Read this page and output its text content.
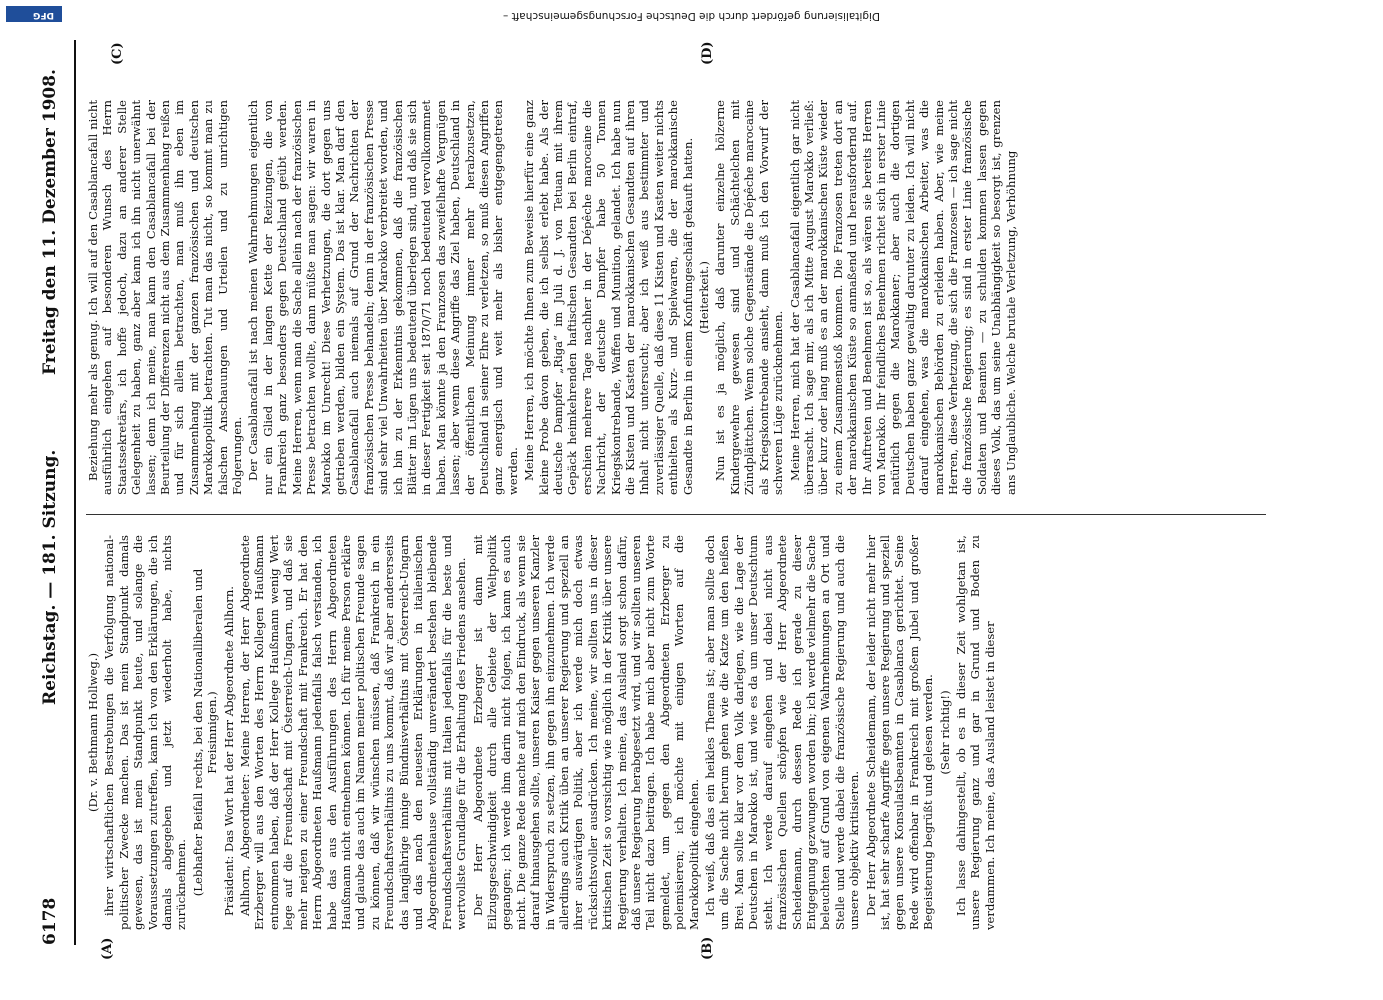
DFG	Digitalisierung gefördert durch die Deutsche Forschungsgemeinschaft –
6178
Reichstag. — 181. Sitzung.
Freitag den 11. Dezember 1908.
(A)	(B)
(C)	(D)

(Dr. v. Bethmann Hollweg.) ihrer wirtschaftlichen Bestrebungen die Verfolgung national-politischer Zwecke machen. Das ist mein Standpunkt damals gewesen, das ist mein Standpunkt heute, und solange die Voraussetzungen zutreffen, kann ich von den Erklärungen, die ich damals abgegeben und jetzt wiederholt habe, nichts zurücknehmen. (Lebhafter Beifall rechts, bei den Nationalliberalen und Freisinnigen.) Präsident: Das Wort hat der Herr Abgeordnete Ahlhorn. Ahlhorn, Abgeordneter: Meine Herren, der Herr Abgeordnete Erzberger will aus den Worten des Herrn Kollegen Haußmann entnommen haben, daß der Herr Kollege Haußmann wenig Wert lege auf die Freundschaft mit Österreich-Ungarn, und daß sie mehr neigten zu einer Freundschaft mit Frankreich. Er hat den Herrn Abgeordneten Haußmann jedenfalls falsch verstanden, ich habe das aus den Ausführungen des Herrn Abgeordneten Haußmann nicht entnehmen können. Ich für meine Person erkläre und glaube das auch im Namen meiner politischen Freunde sagen zu können, daß wir wünschen müssen, daß Frankreich in ein Freundschaftsverhältnis zu uns kommt, daß wir aber andererseits das langjährige innige Bündnisverhältnis mit Österreich-Ungarn und das nach den neuesten Erklärungen in italienischen Abgeordnetenhause vollständig unverändert bestehen bleibende Freundschaftsverhältnis mit Italien jedenfalls für die beste und wertvollste Grundlage für die Erhaltung des Friedens ansehen. Der Herr Abgeordnete Erzberger ist dann mit Eilzugsgeschwindigkeit durch alle Gebiete der Weltpolitik gegangen; ich werde ihm darin nicht folgen, ich kann es auch nicht. Die ganze Rede machte auf mich den Eindruck, als wenn sie darauf hinausgehen sollte, unseren Kaiser gegen unseren Kanzler in Widerspruch zu setzen, ihn gegen ihn einzunehmen. Ich werde allerdings auch Kritik üben an unserer Regierung und speziell an ihrer auswärtigen Politik, aber ich werde mich doch etwas rücksichtsvoller ausdrücken. Ich meine, wir sollten uns in dieser kritischen Zeit so vorsichtig wie möglich in der Kritik über unsere Regierung verhalten. Ich meine, das Ausland sorgt schon dafür, daß unsere Regierung herabgesetzt wird, und wir sollten unseren Teil nicht dazu beitragen. Ich habe mich aber nicht zum Worte gemeldet, um gegen den Abgeordneten Erzberger zu polemisieren; ich möchte mit einigen Worten auf die Marokkopolitik eingehen. Ich weiß, daß das ein heikles Thema ist; aber man sollte doch um die Sache nicht herum gehen wie die Katze um den heißen Brei. Man sollte klar vor dem Volk darlegen, wie die Lage der Deutschen in Marokko ist, und wie es da um unser Deutschtum steht. Ich werde darauf eingehen und dabei nicht aus französischen Quellen schöpfen wie der Herr Abgeordnete Scheidemann, durch dessen Rede ich gerade zu dieser Entgegnung gezwungen worden bin; ich werde vielmehr die Sache beleuchten auf Grund von eigenen Wahrnehmungen an Ort und Stelle und werde dabei die französische Regierung und auch die unsere objektiv kritisieren. Der Herr Abgeordnete Scheidemann, der leider nicht mehr hier ist, hat sehr scharfe Angriffe gegen unsere Regierung und speziell gegen unsere Konsulatsbeamten in Casablanca gerichtet. Seine Rede wird offenbar in Frankreich mit großem Jubel und großer Begeisterung begrüßt und gelesen werden. (Sehr richtig!) Ich lasse dahingestellt, ob es in dieser Zeit wohlgetan ist, unsere Regierung ganz und gar in Grund und Boden zu verdammen. Ich meine, das Ausland leistet in dieser

Beziehung mehr als genug. Ich will auf den Casablancafall nicht ausführlich eingehen auf besonderen Wunsch des Herrn Staatssekretärs, ich hoffe jedoch, dazu an anderer Stelle Gelegenheit zu haben, ganz aber kann ich ihn nicht unerwähnt lassen; denn ich meine, man kann den Casablancafall bei der Beurteilung der Differenzen nicht aus dem Zusammenhang reißen und für sich allein betrachten, man muß ihn eben im Zusammenhang mit der ganzen französischen und deutschen Marokkopolitik betrachten. Tut man das nicht, so kommt man zu falschen Anschauungen und Urteilen und zu unrichtigen Folgerungen. Der Casablancafall ist nach meinen Wahrnehmungen eigentlich nur ein Glied in der langen Kette der Reizungen, die von Frankreich ganz besonders gegen Deutschland geübt werden. Meine Herren, wenn man die Sache allein nach der französischen Presse betrachten wollte, dann müßte man sagen: wir waren in Marokko im Unrecht! Diese Verhetzungen, die dort gegen uns getrieben werden, bilden ein System. Das ist klar. Man darf den Casablancafall auch niemals auf Grund der Nachrichten der französischen Presse behandeln; denn in der französischen Presse sind sehr viel Unwahrheiten über Marokko verbreitet worden, und ich bin zu der Erkenntnis gekommen, daß die französischen Blätter im Lügen uns bedeutend überlegen sind, und daß sie sich in dieser Fertigkeit seit 1870/71 noch bedeutend vervollkommnet haben. Man könnte ja den Franzosen das zweifelhafte Vergnügen lassen; aber wenn diese Angriffe das Ziel haben, Deutschland in der öffentlichen Meinung immer mehr herabzusetzen, Deutschland in seiner Ehre zu verletzen, so muß diesen Angriffen ganz energisch und weit mehr als bisher entgegengetreten werden. Meine Herren, ich möchte Ihnen zum Beweise hierfür eine ganz kleine Probe davon geben, die ich selbst erlebt habe. Als der deutsche Dampfer „Riga“ im Juli d. J. von Tetuan mit ihrem Gepäck heimkehrenden haftischen Gesandten bei Berlin eintraf, erschien mehrere Tage nachher in der Dépêche marocaine die Nachricht, der deutsche Dampfer habe 50 Tonnen Kriegskontrebande, Waffen und Munition, gelandet. Ich habe nun die Kisten und Kasten der marokkanischen Gesandten auf ihren Inhalt nicht untersucht; aber ich weiß aus bestimmter und zuverlässiger Quelle, daß diese 11 Kisten und Kasten weiter nichts enthielten als Kurz- und Spielwaren, die der marokkanische Gesandte in Berlin in einem Konfumgeschäft gekauft hatten. (Heiterkeit.) Nun ist es ja möglich, daß darunter einzelne hölzerne Kindergewehre gewesen sind und Schächtelchen mit Zündplättchen. Wenn solche Gegenstände die Dépêche marocaine als Kriegskontrebande ansieht, dann muß ich den Vorwurf der schweren Lüge zurücknehmen. Meine Herren, mich hat der Casablancafall eigentlich gar nicht überrascht. Ich sage mir, als ich Mitte August Marokko verließ: über kurz oder lang muß es an der marokkanischen Küste wieder zu einem Zusammenstoß kommen. Die Franzosen treten dort an der marokkanischen Küste so anmaßend und herausfordernd auf. Ihr Auftreten und Benehmen ist so, als wären sie bereits Herren von Marokko. Ihr feindliches Benehmen richtet sich in erster Linie natürlich gegen die Marokkaner; aber auch die dortigen Deutschen haben ganz gewaltig darunter zu leiden. Ich will nicht darauf eingehen, was die marokkanischen Arbeiter, was die marokkanischen Behörden zu erleiden haben. Aber, wie meine Herren, diese Verhetzung, die sich die Franzosen — ich sage nicht die französische Regierung; es sind in erster Linie französische Soldaten und Beamten — zu schulden kommen lassen gegen dieses Volk, das um seine Unabhängigkeit so besorgt ist, grenzen ans Unglaubliche. Welche brutale Verletzung, Verhöhnung
